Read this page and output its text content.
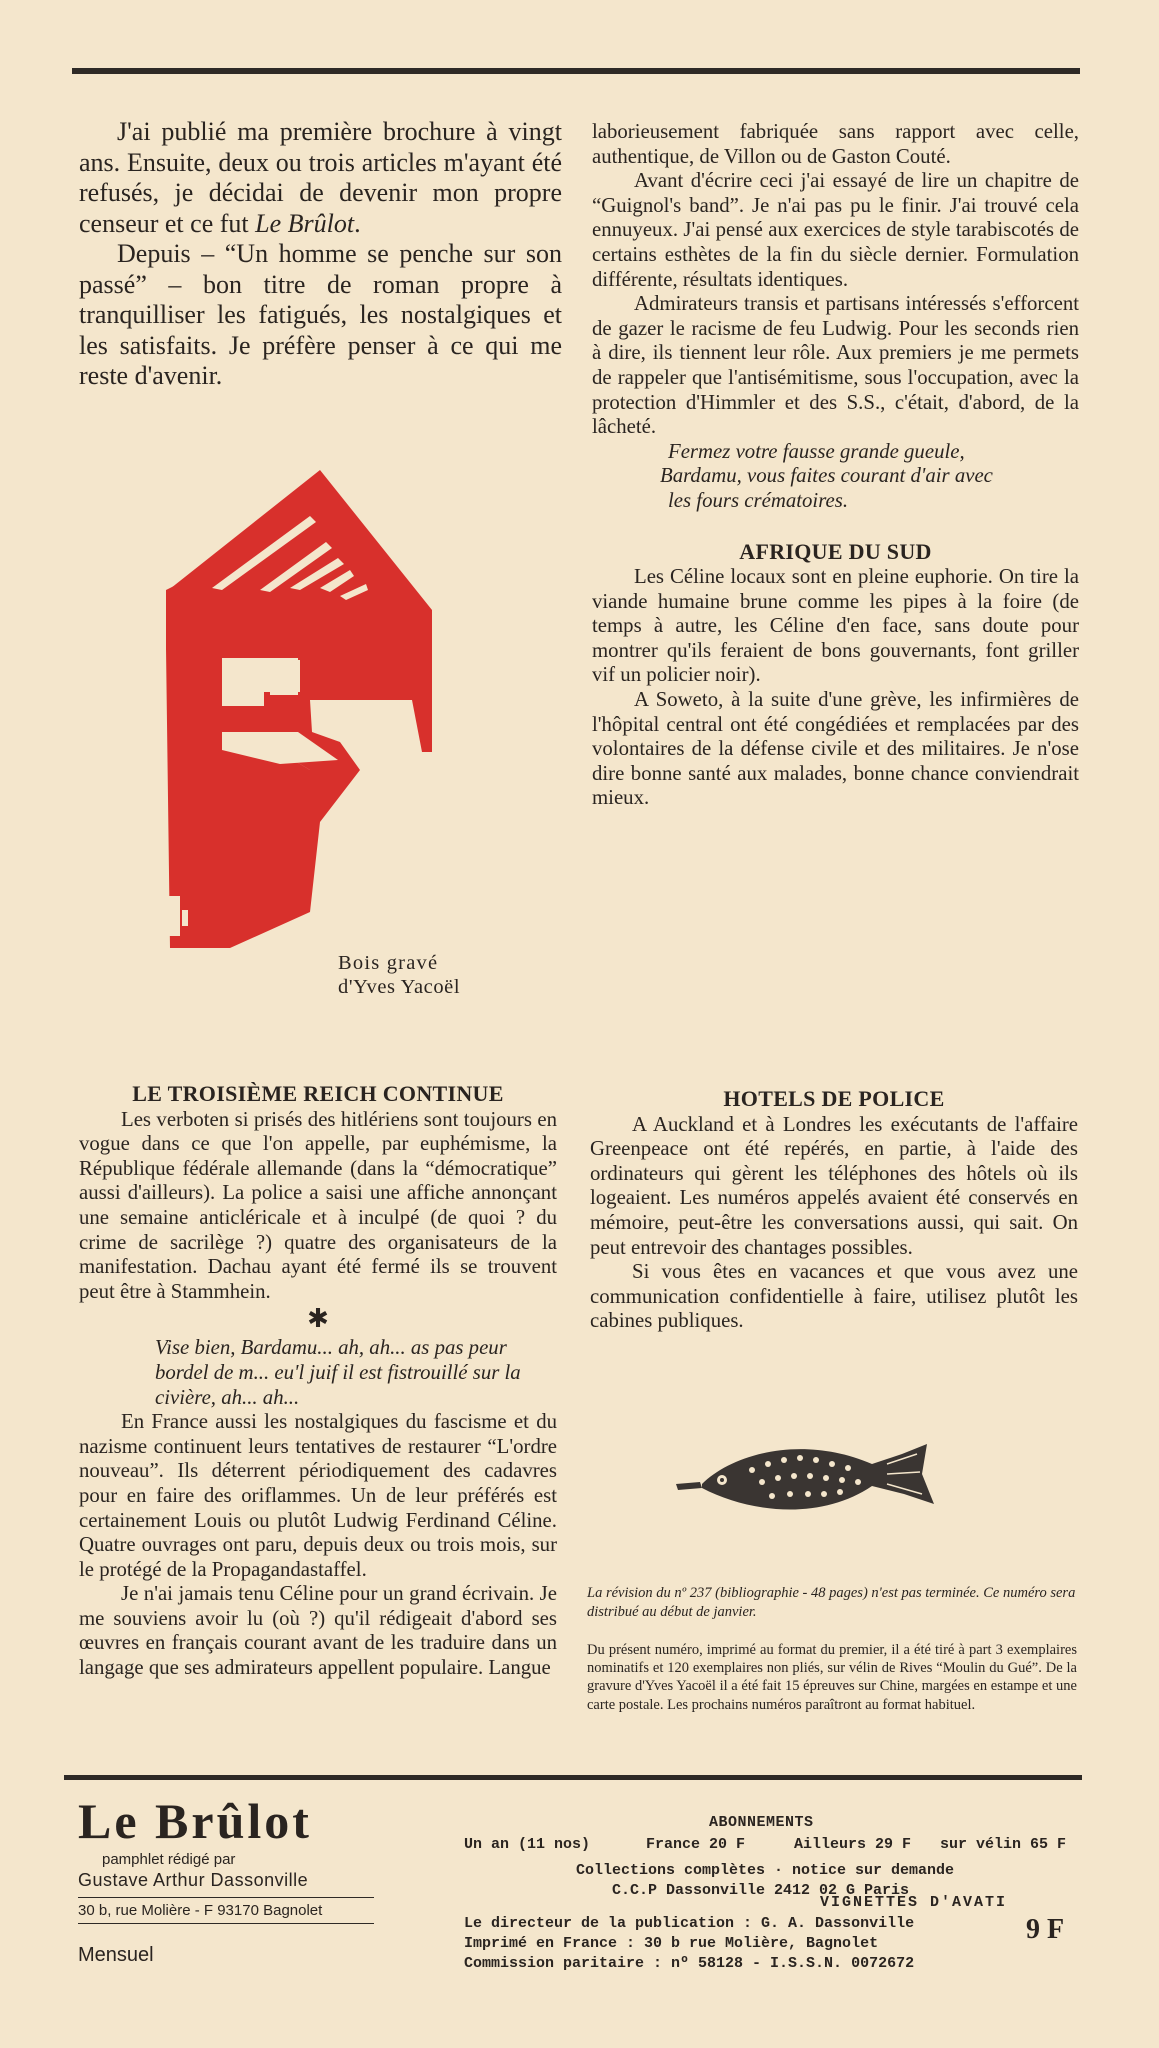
J'ai publié ma première brochure à vingt ans. Ensuite, deux ou trois articles m'ayant été refusés, je décidai de devenir mon propre censeur et ce fut Le Brûlot.

Depuis – “Un homme se penche sur son passé” – bon titre de roman propre à tranquilliser les fatigués, les nostalgiques et les satisfaits. Je préfère penser à ce qui me reste d'avenir.

Bois gravé
d'Yves Yacoël

laborieusement fabriquée sans rapport avec celle, authentique, de Villon ou de Gaston Couté.

Avant d'écrire ceci j'ai essayé de lire un chapitre de “Guignol's band”. Je n'ai pas pu le finir. J'ai trouvé cela ennuyeux. J'ai pensé aux exercices de style tarabiscotés de certains esthètes de la fin du siècle dernier. Formulation différente, résultats identiques.

Admirateurs transis et partisans intéressés s'efforcent de gazer le racisme de feu Ludwig. Pour les seconds rien à dire, ils tiennent leur rôle. Aux premiers je me permets de rappeler que l'antisémitisme, sous l'occupation, avec la protection d'Himmler et des S.S., c'était, d'abord, de la lâcheté.

Fermez votre fausse grande gueule,
Bardamu, vous faites courant d'air avec
les fours crématoires.
AFRIQUE DU SUD

Les Céline locaux sont en pleine euphorie. On tire la viande humaine brune comme les pipes à la foire (de temps à autre, les Céline d'en face, sans doute pour montrer qu'ils feraient de bons gouvernants, font griller vif un policier noir).

A Soweto, à la suite d'une grève, les infirmières de l'hôpital central ont été congédiées et remplacées par des volontaires de la défense civile et des militaires. Je n'ose dire bonne santé aux malades, bonne chance conviendrait mieux.

LE TROISIÈME REICH CONTINUE

Les verboten si prisés des hitlériens sont toujours en vogue dans ce que l'on appelle, par euphémisme, la République fédérale allemande (dans la “démocratique” aussi d'ailleurs). La police a saisi une affiche annonçant une semaine anticléricale et à inculpé (de quoi ? du crime de sacrilège ?) quatre des organisateurs de la manifestation. Dachau ayant été fermé ils se trouvent peut être à Stammhein.

✱

Vise bien, Bardamu... ah, ah... as pas peur bordel de m... eu'l juif il est fistrouillé sur la civière, ah... ah...

En France aussi les nostalgiques du fascisme et du nazisme continuent leurs tentatives de restaurer “L'ordre nouveau”. Ils déterrent périodiquement des cadavres pour en faire des oriflammes. Un de leur préférés est certainement Louis ou plutôt Ludwig Ferdinand Céline. Quatre ouvrages ont paru, depuis deux ou trois mois, sur le protégé de la Propagandastaffel.

Je n'ai jamais tenu Céline pour un grand écrivain. Je me souviens avoir lu (où ?) qu'il rédigeait d'abord ses œuvres en français courant avant de les traduire dans un langage que ses admirateurs appellent populaire. Langue

HOTELS DE POLICE

A Auckland et à Londres les exécutants de l'affaire Greenpeace ont été repérés, en partie, à l'aide des ordinateurs qui gèrent les téléphones des hôtels où ils logeaient. Les numéros appelés avaient été conservés en mémoire, peut-être les conversations aussi, qui sait. On peut entrevoir des chantages possibles.

Si vous êtes en vacances et que vous avez une communication confidentielle à faire, utilisez plutôt les cabines publiques.

La révision du nº 237 (bibliographie - 48 pages) n'est pas terminée. Ce numéro sera distribué au début de janvier.
Du présent numéro, imprimé au format du premier, il a été tiré à part 3 exemplaires nominatifs et 120 exemplaires non pliés, sur vélin de Rives “Moulin du Gué”. De la gravure d'Yves Yacoël il a été fait 15 épreuves sur Chine, margées en estampe et une carte postale. Les prochains numéros paraîtront au format habituel.
Le Brûlot
pamphlet rédigé par
Gustave Arthur Dassonville
30 b, rue Molière - F 93170 Bagnolet
Mensuel
ABONNEMENTS
Un an (11 nos)	France 20 F	Ailleurs 29 F sur vélin 65 F
Collections complètes · notice sur demande
C.C.P Dassonville 2412 02 G Paris
VIGNETTES D'AVATI
Le directeur de la publication : G. A. Dassonville
Imprimé en France : 30 b rue Molière, Bagnolet
Commission paritaire : nº 58128 - I.S.S.N. 0072672
9 F
